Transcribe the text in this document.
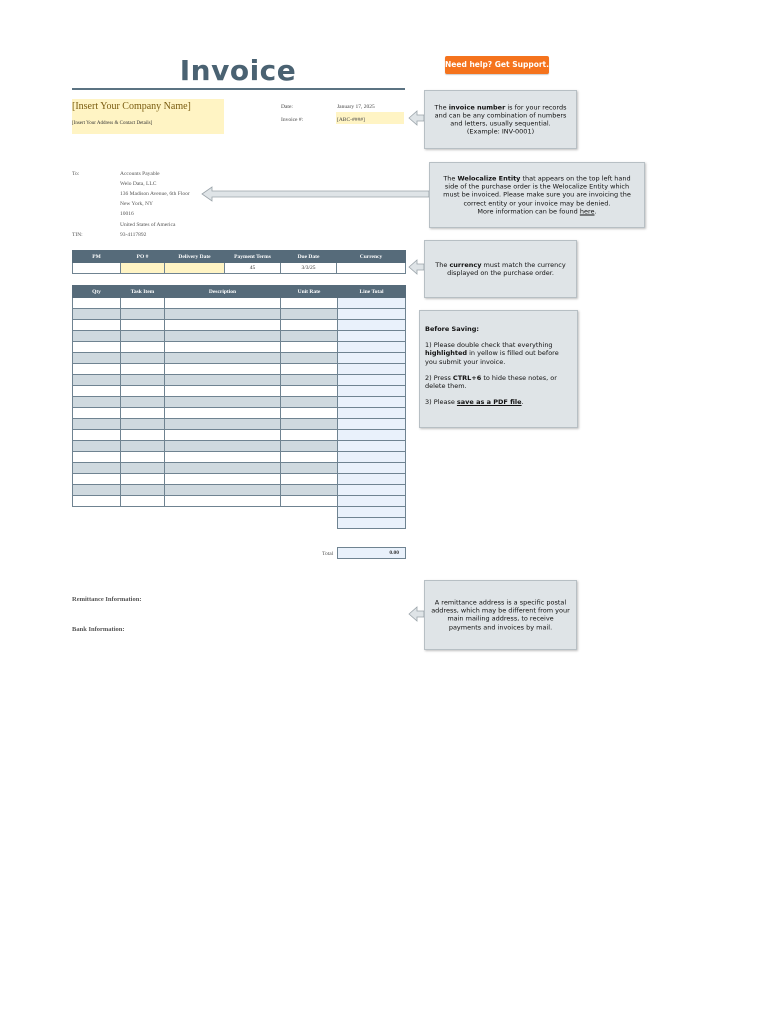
Invoice	Need help? Get Support.
[Insert Your Company Name]
[Insert Your Address & Contact Details]
Date:	January 17, 2025
Invoice #:	[ABC-####]
To:	Accounts Payable
Welo Data, LLC
136 Madison Avenue, 6th Floor
New York, NY
10016
United States of America
TIN:	93-4117892
PM	PO #	Delivery Date	Payment Terms	Due Date	Currency
			45	3/3/25	
Qty	Task Item	Description	Unit Rate	Line Total

Total	0.00
Remittance Information:
Bank Information:
The invoice number is for your records and can be any combination of numbers and letters, usually sequential.
(Example: INV-0001)
The Welocalize Entity that appears on the top left hand side of the purchase order is the Welocalize Entity which must be invoiced. Please make sure you are invoicing the correct entity or your invoice may be denied.
More information can be found here.
The currency must match the currency displayed on the purchase order.

Before Saving:

1) Please double check that everything highlighted in yellow is filled out before you submit your invoice.

2) Press CTRL+6 to hide these notes, or delete them.

3) Please save as a PDF file.

A remittance address is a specific postal address, which may be different from your main mailing address, to receive payments and invoices by mail.
